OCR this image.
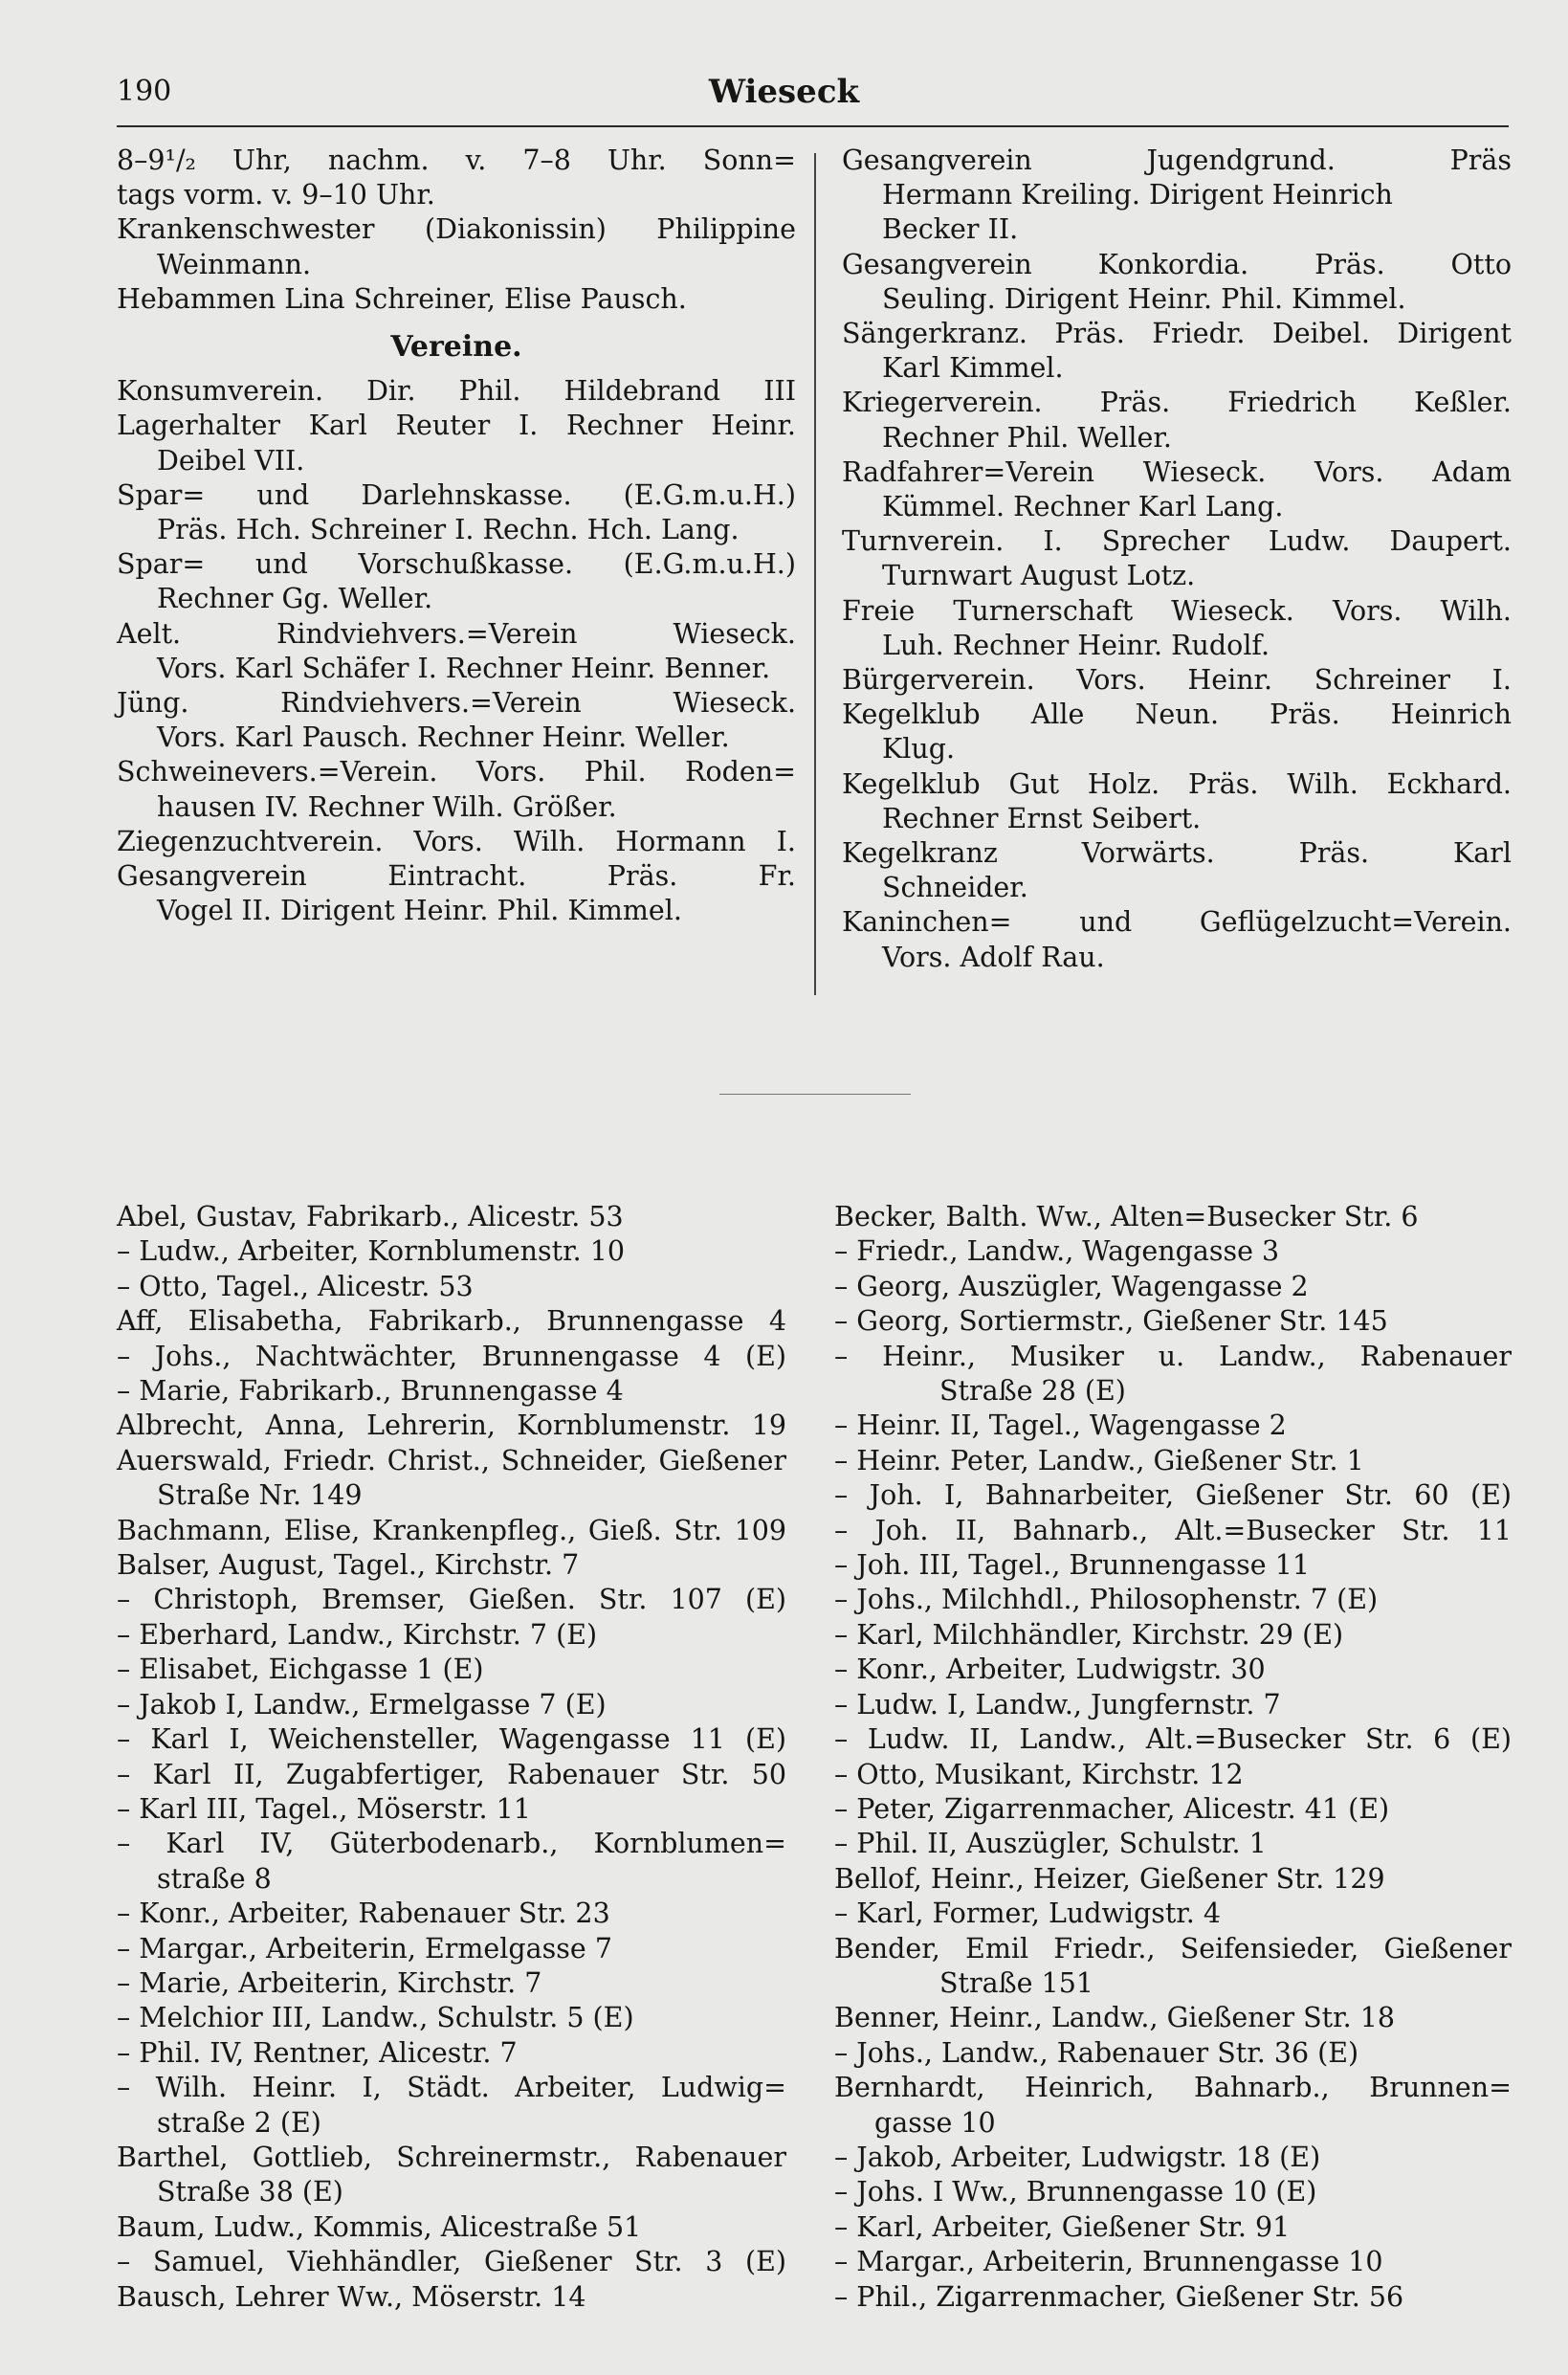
190	Wieseck
8–9¹/₂ Uhr, nachm. v. 7–8 Uhr. Sonn=
tags vorm. v. 9–10 Uhr.
Krankenschwester (Diakonissin) Philippine
Weinmann.
Hebammen Lina Schreiner, Elise Pausch.
Vereine.
Konsumverein. Dir. Phil. Hildebrand III
Lagerhalter Karl Reuter I. Rechner Heinr.
Deibel VII.
Spar= und Darlehnskasse. (E.G.m.u.H.)
Präs. Hch. Schreiner I. Rechn. Hch. Lang.
Spar= und Vorschußkasse. (E.G.m.u.H.)
Rechner Gg. Weller.
Aelt. Rindviehvers.=Verein Wieseck.
Vors. Karl Schäfer I. Rechner Heinr. Benner.
Jüng. Rindviehvers.=Verein Wieseck.
Vors. Karl Pausch. Rechner Heinr. Weller.
Schweinevers.=Verein. Vors. Phil. Roden=
hausen IV. Rechner Wilh. Größer.
Ziegenzuchtverein. Vors. Wilh. Hormann I.
Gesangverein Eintracht. Präs. Fr.
Vogel II. Dirigent Heinr. Phil. Kimmel.
Gesangverein Jugendgrund. Präs
Hermann Kreiling. Dirigent Heinrich
Becker II.
Gesangverein Konkordia. Präs. Otto
Seuling. Dirigent Heinr. Phil. Kimmel.
Sängerkranz. Präs. Friedr. Deibel. Dirigent
Karl Kimmel.
Kriegerverein. Präs. Friedrich Keßler.
Rechner Phil. Weller.
Radfahrer=Verein Wieseck. Vors. Adam
Kümmel. Rechner Karl Lang.
Turnverein. I. Sprecher Ludw. Daupert.
Turnwart August Lotz.
Freie Turnerschaft Wieseck. Vors. Wilh.
Luh. Rechner Heinr. Rudolf.
Bürgerverein. Vors. Heinr. Schreiner I.
Kegelklub Alle Neun. Präs. Heinrich
Klug.
Kegelklub Gut Holz. Präs. Wilh. Eckhard.
Rechner Ernst Seibert.
Kegelkranz Vorwärts. Präs. Karl
Schneider.
Kaninchen= und Geflügelzucht=Verein.
Vors. Adolf Rau.
Abel, Gustav, Fabrikarb., Alicestr. 53
– Ludw., Arbeiter, Kornblumenstr. 10
– Otto, Tagel., Alicestr. 53
Aff, Elisabetha, Fabrikarb., Brunnengasse 4
– Johs., Nachtwächter, Brunnengasse 4 (E)
– Marie, Fabrikarb., Brunnengasse 4
Albrecht, Anna, Lehrerin, Kornblumenstr. 19
Auerswald, Friedr. Christ., Schneider, Gießener
Straße Nr. 149
Bachmann, Elise, Krankenpfleg., Gieß. Str. 109
Balser, August, Tagel., Kirchstr. 7
– Christoph, Bremser, Gießen. Str. 107 (E)
– Eberhard, Landw., Kirchstr. 7 (E)
– Elisabet, Eichgasse 1 (E)
– Jakob I, Landw., Ermelgasse 7 (E)
– Karl I, Weichensteller, Wagengasse 11 (E)
– Karl II, Zugabfertiger, Rabenauer Str. 50
– Karl III, Tagel., Möserstr. 11
– Karl IV, Güterbodenarb., Kornblumen=
straße 8
– Konr., Arbeiter, Rabenauer Str. 23
– Margar., Arbeiterin, Ermelgasse 7
– Marie, Arbeiterin, Kirchstr. 7
– Melchior III, Landw., Schulstr. 5 (E)
– Phil. IV, Rentner, Alicestr. 7
– Wilh. Heinr. I, Städt. Arbeiter, Ludwig=
straße 2 (E)
Barthel, Gottlieb, Schreinermstr., Rabenauer
Straße 38 (E)
Baum, Ludw., Kommis, Alicestraße 51
– Samuel, Viehhändler, Gießener Str. 3 (E)
Bausch, Lehrer Ww., Möserstr. 14
Becker, Balth. Ww., Alten=Busecker Str. 6
– Friedr., Landw., Wagengasse 3
– Georg, Auszügler, Wagengasse 2
– Georg, Sortiermstr., Gießener Str. 145
– Heinr., Musiker u. Landw., Rabenauer
Straße 28 (E)
– Heinr. II, Tagel., Wagengasse 2
– Heinr. Peter, Landw., Gießener Str. 1
– Joh. I, Bahnarbeiter, Gießener Str. 60 (E)
– Joh. II, Bahnarb., Alt.=Busecker Str. 11
– Joh. III, Tagel., Brunnengasse 11
– Johs., Milchhdl., Philosophenstr. 7 (E)
– Karl, Milchhändler, Kirchstr. 29 (E)
– Konr., Arbeiter, Ludwigstr. 30
– Ludw. I, Landw., Jungfernstr. 7
– Ludw. II, Landw., Alt.=Busecker Str. 6 (E)
– Otto, Musikant, Kirchstr. 12
– Peter, Zigarrenmacher, Alicestr. 41 (E)
– Phil. II, Auszügler, Schulstr. 1
Bellof, Heinr., Heizer, Gießener Str. 129
– Karl, Former, Ludwigstr. 4
Bender, Emil Friedr., Seifensieder, Gießener
Straße 151
Benner, Heinr., Landw., Gießener Str. 18
– Johs., Landw., Rabenauer Str. 36 (E)
Bernhardt, Heinrich, Bahnarb., Brunnen=
gasse 10
– Jakob, Arbeiter, Ludwigstr. 18 (E)
– Johs. I Ww., Brunnengasse 10 (E)
– Karl, Arbeiter, Gießener Str. 91
– Margar., Arbeiterin, Brunnengasse 10
– Phil., Zigarrenmacher, Gießener Str. 56
